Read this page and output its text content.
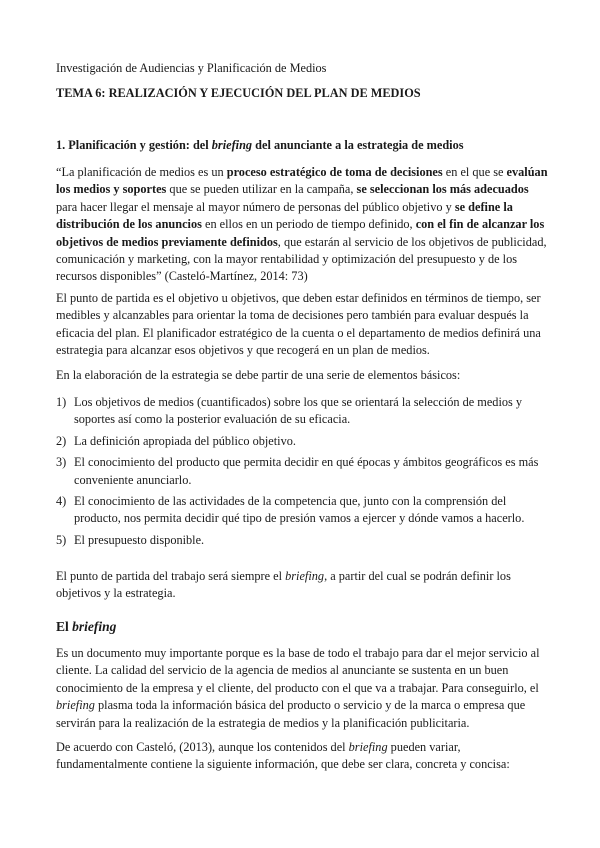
Investigación de Audiencias y Planificación de Medios

TEMA 6: REALIZACIÓN Y EJECUCIÓN DEL PLAN DE MEDIOS

1. Planificación y gestión: del briefing del anunciante a la estrategia de medios

“La planificación de medios es un proceso estratégico de toma de decisiones en el que se evalúan los medios y soportes que se pueden utilizar en la campaña, se seleccionan los más adecuados para hacer llegar el mensaje al mayor número de personas del público objetivo y se define la distribución de los anuncios en ellos en un periodo de tiempo definido, con el fin de alcanzar los objetivos de medios previamente definidos, que estarán al servicio de los objetivos de publicidad, comunicación y marketing, con la mayor rentabilidad y optimización del presupuesto y de los recursos disponibles” (Casteló-Martínez, 2014: 73)

El punto de partida es el objetivo u objetivos, que deben estar definidos en términos de tiempo, ser medibles y alcanzables para orientar la toma de decisiones pero también para evaluar después la eficacia del plan. El planificador estratégico de la cuenta o el departamento de medios definirá una estrategia para alcanzar esos objetivos y que recogerá en un plan de medios.

En la elaboración de la estrategia se debe partir de una serie de elementos básicos:

1) Los objetivos de medios (cuantificados) sobre los que se orientará la selección de medios y soportes así como la posterior evaluación de su eficacia.
2) La definición apropiada del público objetivo.
3) El conocimiento del producto que permita decidir en qué épocas y ámbitos geográficos es más conveniente anunciarlo.
4) El conocimiento de las actividades de la competencia que, junto con la comprensión del producto, nos permita decidir qué tipo de presión vamos a ejercer y dónde vamos a hacerlo.
5) El presupuesto disponible.

El punto de partida del trabajo será siempre el briefing, a partir del cual se podrán definir los objetivos y la estrategia.

El briefing

Es un documento muy importante porque es la base de todo el trabajo para dar el mejor servicio al cliente. La calidad del servicio de la agencia de medios al anunciante se sustenta en un buen conocimiento de la empresa y el cliente, del producto con el que va a trabajar. Para conseguirlo, el briefing plasma toda la información básica del producto o servicio y de la marca o empresa que servirán para la realización de la estrategia de medios y la planificación publicitaria.

De acuerdo con Casteló, (2013), aunque los contenidos del briefing pueden variar, fundamentalmente contiene la siguiente información, que debe ser clara, concreta y concisa:
